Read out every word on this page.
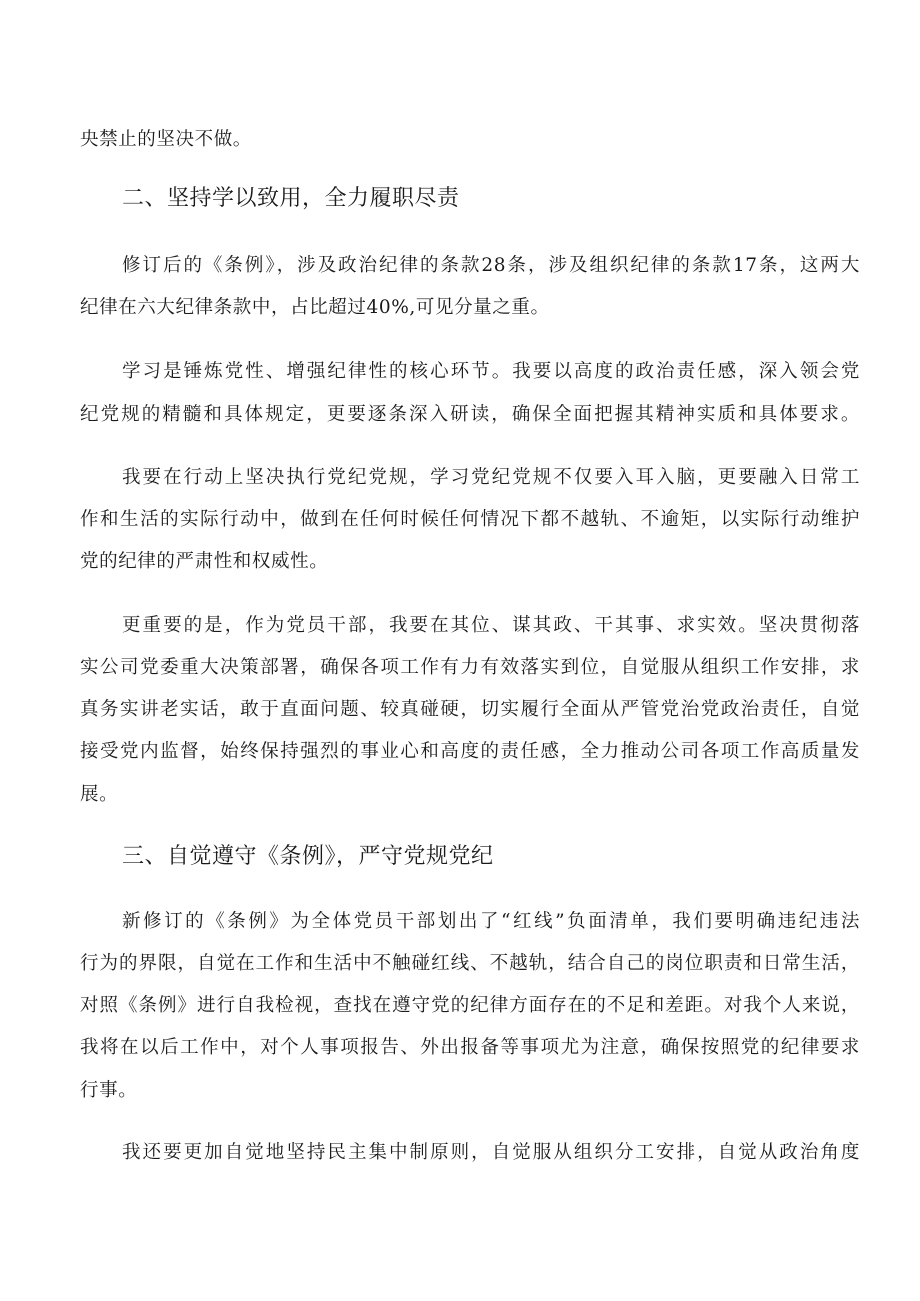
央禁止的坚决不做。
二、坚持学以致用，全力履职尽责
修订后的《条例》，涉及政治纪律的条款28条，涉及组织纪律的条款17条，这两大
纪律在六大纪律条款中，占比超过40%,可见分量之重。
学习是锤炼党性、增强纪律性的核心环节。我要以高度的政治责任感，深入领会党
纪党规的精髓和具体规定，更要逐条深入研读，确保全面把握其精神实质和具体要求。
我要在行动上坚决执行党纪党规，学习党纪党规不仅要入耳入脑，更要融入日常工
作和生活的实际行动中，做到在任何时候任何情况下都不越轨、不逾矩，以实际行动维护
党的纪律的严肃性和权威性。
更重要的是，作为党员干部，我要在其位、谋其政、干其事、求实效。坚决贯彻落
实公司党委重大决策部署，确保各项工作有力有效落实到位，自觉服从组织工作安排，求
真务实讲老实话，敢于直面问题、较真碰硬，切实履行全面从严管党治党政治责任，自觉
接受党内监督，始终保持强烈的事业心和高度的责任感，全力推动公司各项工作高质量发
展。
三、自觉遵守《条例》，严守党规党纪
新修订的《条例》为全体党员干部划出了“红线”负面清单，我们要明确违纪违法
行为的界限，自觉在工作和生活中不触碰红线、不越轨，结合自己的岗位职责和日常生活，
对照《条例》进行自我检视，查找在遵守党的纪律方面存在的不足和差距。对我个人来说，
我将在以后工作中，对个人事项报告、外出报备等事项尤为注意，确保按照党的纪律要求
行事。
我还要更加自觉地坚持民主集中制原则，自觉服从组织分工安排，自觉从政治角度
